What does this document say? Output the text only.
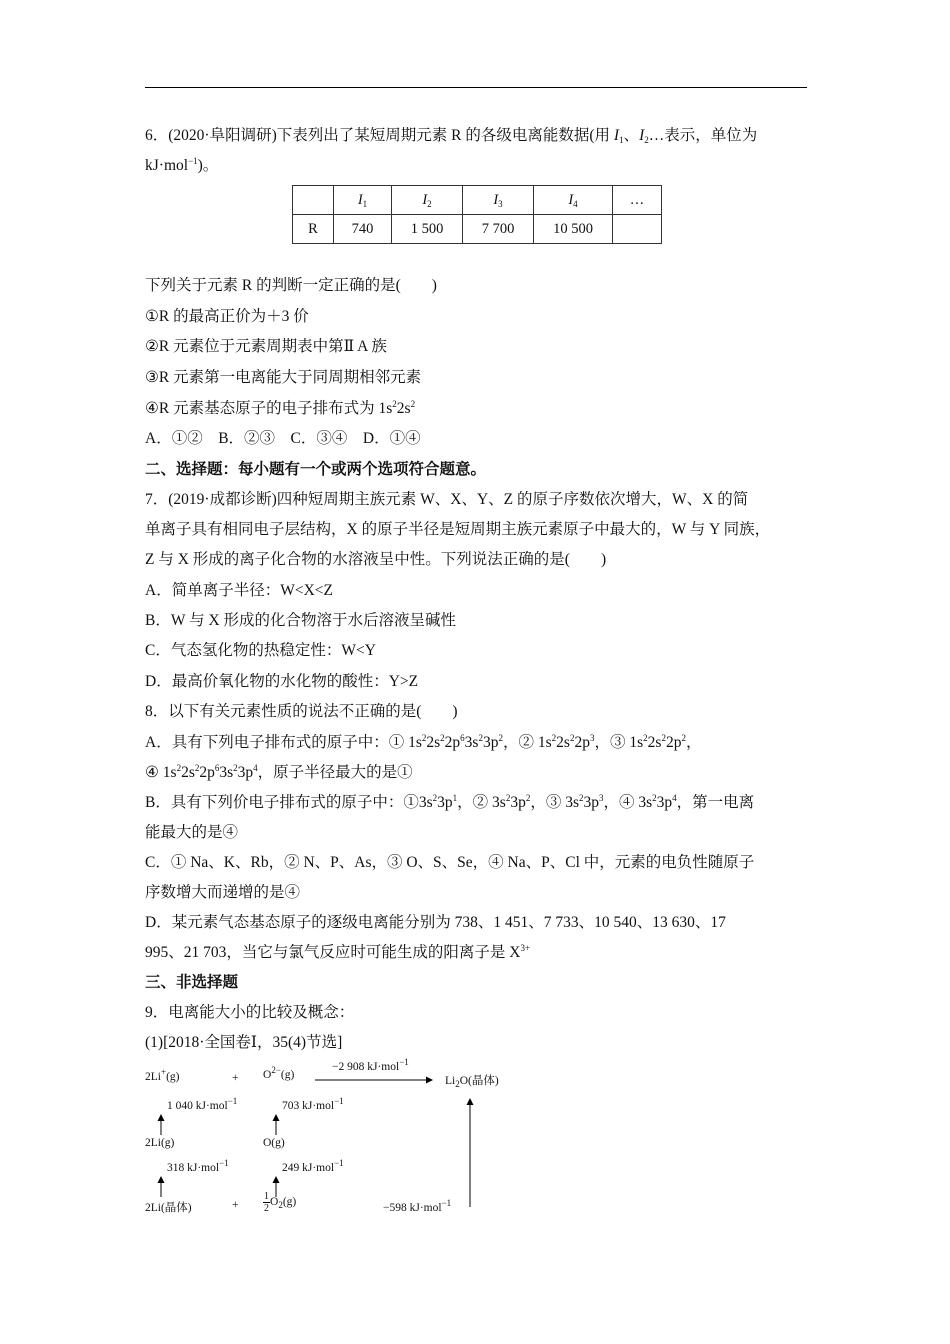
6．(2020·阜阳调研)下表列出了某短周期元素 R 的各级电离能数据(用 $I_1$、$I_2\dots$表示，单位为
kJ·mol$^{-1}$)。
	$I_1$	$I_2$	$I_3$	$I_4$	…
R	740	1 500	7 700	10 500	
下列关于元素 R 的判断一定正确的是(　　)
①R 的最高正价为＋3 价
②R 元素位于元素周期表中第Ⅱ A 族
③R 元素第一电离能大于同周期相邻元素
④R 元素基态原子的电子排布式为 $1s^22s^2$
A．①②　B．②③　C．③④　D．①④
二、选择题：每小题有一个或两个选项符合题意。
7．(2019·成都诊断)四种短周期主族元素 W、X、Y、Z 的原子序数依次增大，W、X 的简
单离子具有相同电子层结构，X 的原子半径是短周期主族元素原子中最大的，W 与 Y 同族，
Z 与 X 形成的离子化合物的水溶液呈中性。下列说法正确的是(　　)
A．简单离子半径：W<X<Z
B．W 与 X 形成的化合物溶于水后溶液呈碱性
C．气态氢化物的热稳定性：W<Y
D．最高价氧化物的水化物的酸性：Y>Z
8．以下有关元素性质的说法不正确的是(　　)
A．具有下列电子排布式的原子中：① $1s^22s^22p^63s^23p^2$，② $1s^22s^22p^3$，③ $1s^22s^22p^2$，
④ $1s^22s^22p^63s^23p^4$，原子半径最大的是①
B．具有下列价电子排布式的原子中：$①3s^23p^1$，② $3s^23p^2$，③ $3s^23p^3$，④ $3s^23p^4$，第一电离
能最大的是④
C．① Na、K、Rb，② N、P、As，③ O、S、Se，④ Na、P、Cl 中，元素的电负性随原子
序数增大而递增的是④
D．某元素气态基态原子的逐级电离能分别为 738、1 451、7 733、10 540、13 630、17
995、21 703，当它与氯气反应时可能生成的阳离子是 $X^{3+}$
三、非选择题
9．电离能大小的比较及概念：
(1)[2018·全国卷Ⅰ，35(4)节选]
2Li+(g)	+ $O^{2-}(g)$
−2 908 kJ·mol$^{-1}$
$Li_2O$(晶体)
1 040 kJ·mol$^{-1}$	703 kJ·mol$^{-1}$
2Li(g)	O(g)
318 kJ·mol$^{-1}$	249 kJ·mol$^{-1}$
2Li(晶体)	+ $\frac{1}{2} O_2(g)$	−598 kJ·mol$^{-1}$
